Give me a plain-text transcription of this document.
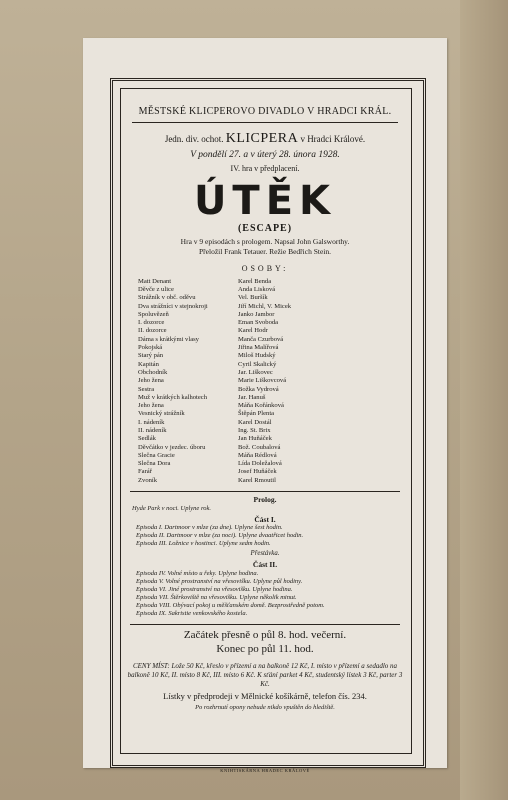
MĚSTSKÉ KLICPEROVO DIVADLO V HRADCI KRÁL.
Jedn. div. ochot. KLICPERA v Hradci Králové.
V pondělí 27. a v úterý 28. února 1928.
IV. hra v předplacení.
ÚTĚK
(ESCAPE)
Hra v 9 episodách s prologem. Napsal John Galsworthy.
Přeložil Frank Tetauer. Režie Bedřich Stein.
OSOBY:
Matt Denant	Karel Benda
Děvče z ulice	Anda Lisková
Strážník v obč. oděvu	Vel. Buršík
Dva strážníci v stejnokroji	Jiří Michl, V. Micek
Spoluvězeň	Janko Jambor
I. dozorce	Eman Svoboda
II. dozorce	Karel Hodr
Dáma s krátkými vlasy	Manča Czurbová
Pokojská	Jiřina Malířová
Starý pán	Miloš Hudský
Kapitán	Cyril Skalický
Obchodník	Jar. Liškovec
Jeho žena	Marie Liškovcová
Sestra	Božka Vydrová
Muž v krátkých kalhotech	Jar. Hanuš
Jeho žena	Máňa Kořánková
Vesnický strážník	Štěpán Plenta
I. nádeník	Karel Dostál
II. nádeník	Ing. St. Brix
Sedlák	Jan Huňáček
Děvčátko v jezdec. úboru	Bož. Coubalová
Slečna Gracie	Máňa Rédlová
Slečna Dora	Lída Doležalová
Farář	Josef Huňáček
Zvoník	Karel Rmoutil
Prolog.
Hyde Park v noci. Uplyne rok.
Část I.
Episoda I. Dartmoor v mlze (za dne). Uplyne šest hodin.
Episoda II. Dartmoor v mlze (za noci). Uplyne dvaatřicet hodin.
Episoda III. Ložnice v hostinci. Uplyne sedm hodin.
Přestávka.
Část II.
Episoda IV. Volné místo u řeky. Uplyne hodina.
Episoda V. Volné prostranství na vřesovišku. Uplyne půl hodiny.
Episoda VI. Jiné prostranství na vřesovišku. Uplyne hodina.
Episoda VII. Štěrkoviště na vřesovišku. Uplyne několik minut.
Episoda VIII. Obývací pokoj u měšťanském domě. Bezprostředně potom.
Episoda IX. Sakristie venkovského kostela.
Začátek přesně o půl 8. hod. večerní.
Konec po půl 11. hod.
CENY MÍST: Lože 50 Kč, křeslo v přízemí a na balkoně 12 Kč, I. místo v přízemí a sedadlo na balkoně 10 Kč, II. místo 8 Kč, III. místo 6 Kč. K sťání parket 4 Kč, studentský lístek 3 Kč, parter 3 Kč.
Lístky v předprodeji v Mělnické košíkárně, telefon čís. 234.
Po rozhrnutí opony nebude nikdo vpuštěn do hlediště.
KNIHTISKÁRNA HRADEC KRÁLOVÉ
